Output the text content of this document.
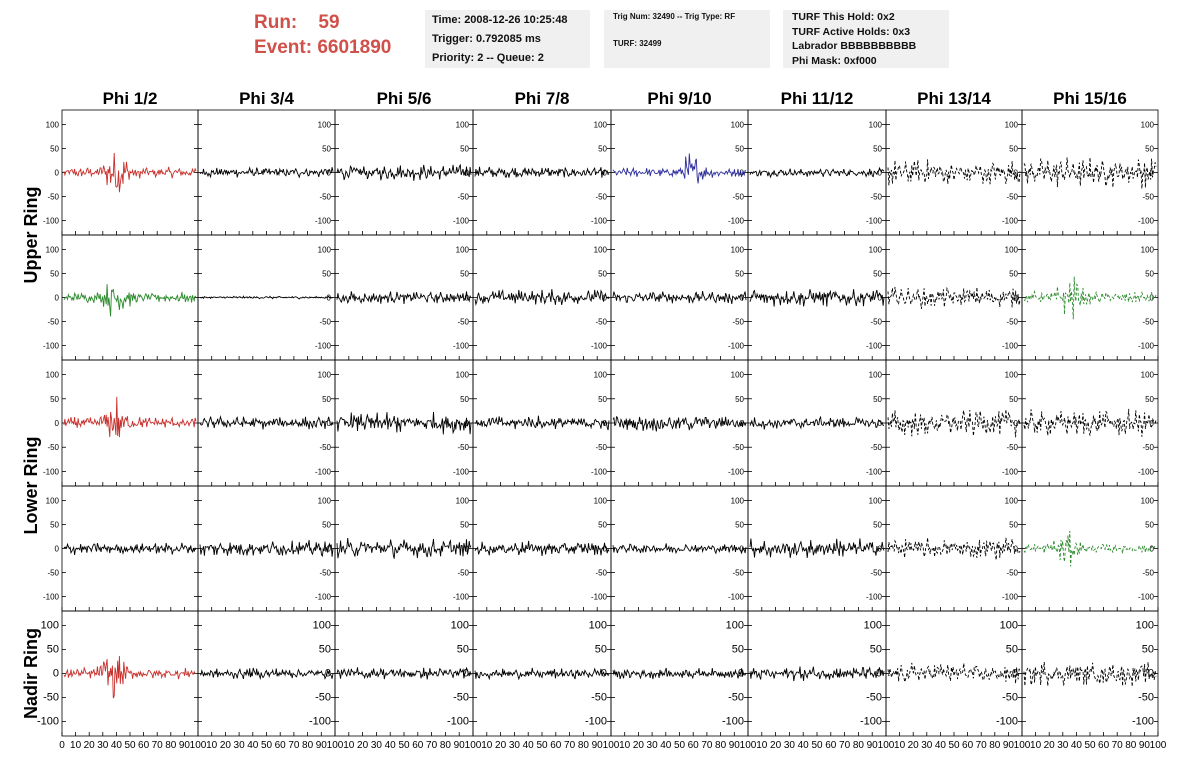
Run: 59
Event: 6601890
Time: 2008-12-26 10:25:48
Trigger: 0.792085 ms
Priority: 2 -- Queue: 2
Trig Num: 32490 -- Trig Type: RF
TURF: 32499
TURF This Hold: 0x2
TURF Active Holds: 0x3
Labrador BBBBBBBBBB
Phi Mask: 0xf000
Phi 1/2	Phi 3/4	Phi 5/6	Phi 7/8	Phi 9/10	Phi 11/12	Phi 13/14	Phi 15/16
Upper Ring
Lower Ring
Nadir Ring
-100
-50
0
50
100
-100
-50
0
50
100
-100
-50
0
50
100
-100
-50
0
50
100
-100
-50
0
50
100
-100
-50
0
50
100
-100
-50
0
50
100
-100
-50
0
50
100
-100
-50
0
50
100
-100
-50
0
50
100
-100
-50
0
50
100
-100
-50
0
50
100
-100
-50
0
50
100
-100
-50
0
50
100
-100
-50
0
50
100
-100
-50
0
50
100
-100
-50
0
50
100
-100
-50
0
50
100
-100
-50
0
50
100
-100
-50
0
50
100
-100
-50
0
50
100
-100
-50
0
50
100
-100
-50
0
50
100
-100
-50
0
50
100
-100
-50
0
50
100
-100
-50
0
50
100
-100
-50
0
50
100
-100
-50
0
50
100
-100
-50
0
50
100
-100
-50
0
50
100
-100
-50
0
50
100
-100
-50
0
50
100
-100
-50
0
50
100
-100
-50
0
50
100
-100
-50
0
50
100
-100
-50
0
50
100
-100
-50
0
50
100
-100
-50
0
50
100
-100
-50
0
50
100
-100
-50
0
50
100
0 10 20 30 40 50 60 70 80 90 100 10 20 30 40 50 60 70 80 90 100 10 20 30 40 50 60 70 80 90 100 10 20 30 40 50 60 70 80 90 100 10 20 30 40 50 60 70 80 90 100 10 20 30 40 50 60 70 80 90 100 10 20 30 40 50 60 70 80 90 100 10 20 30 40 50 60 70 80 90 100
